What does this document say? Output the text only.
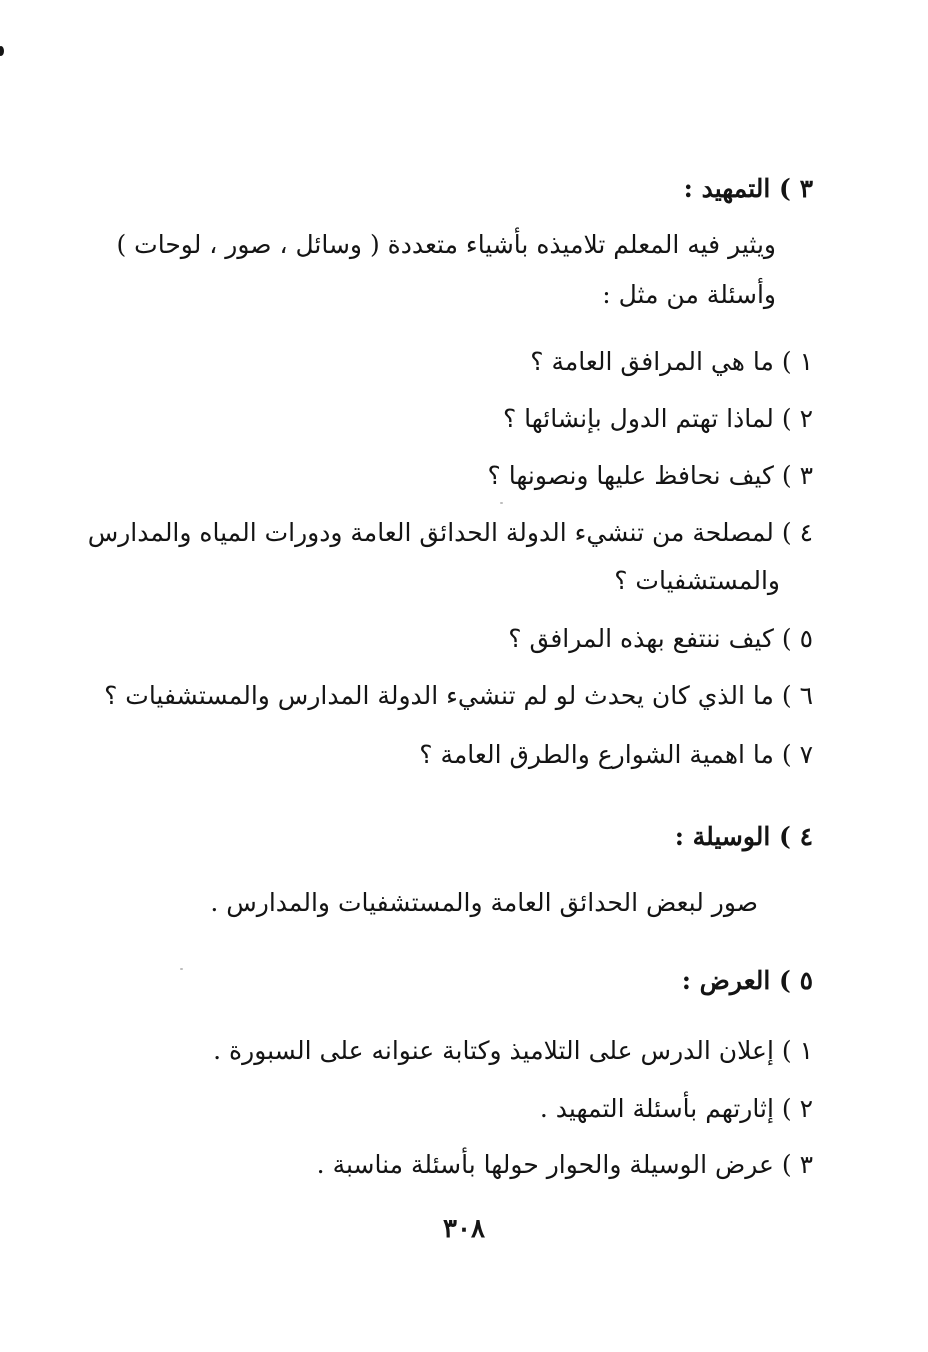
٣ ) التمهيد :
ويثير فيه المعلم تلاميذه بأشياء متعددة ( وسائل ، صور ، لوحات )
وأسئلة من مثل :
١ ) ما هي المرافق العامة ؟
٢ ) لماذا تهتم الدول بإنشائها ؟
٣ ) كيف نحافظ عليها ونصونها ؟
٤ ) لمصلحة من تنشيء الدولة الحدائق العامة ودورات المياه والمدارس
والمستشفيات ؟
٥ ) كيف ننتفع بهذه المرافق ؟
٦ ) ما الذي كان يحدث لو لم تنشيء الدولة المدارس والمستشفيات ؟
٧ ) ما اهمية الشوارع والطرق العامة ؟
٤ ) الوسيلة :
صور لبعض الحدائق العامة والمستشفيات والمدارس .
٥ ) العرض :
١ ) إعلان الدرس على التلاميذ وكتابة عنوانه على السبورة .
٢ ) إثارتهم بأسئلة التمهيد .
٣ ) عرض الوسيلة والحوار حولها بأسئلة مناسبة .
٣٠٨
